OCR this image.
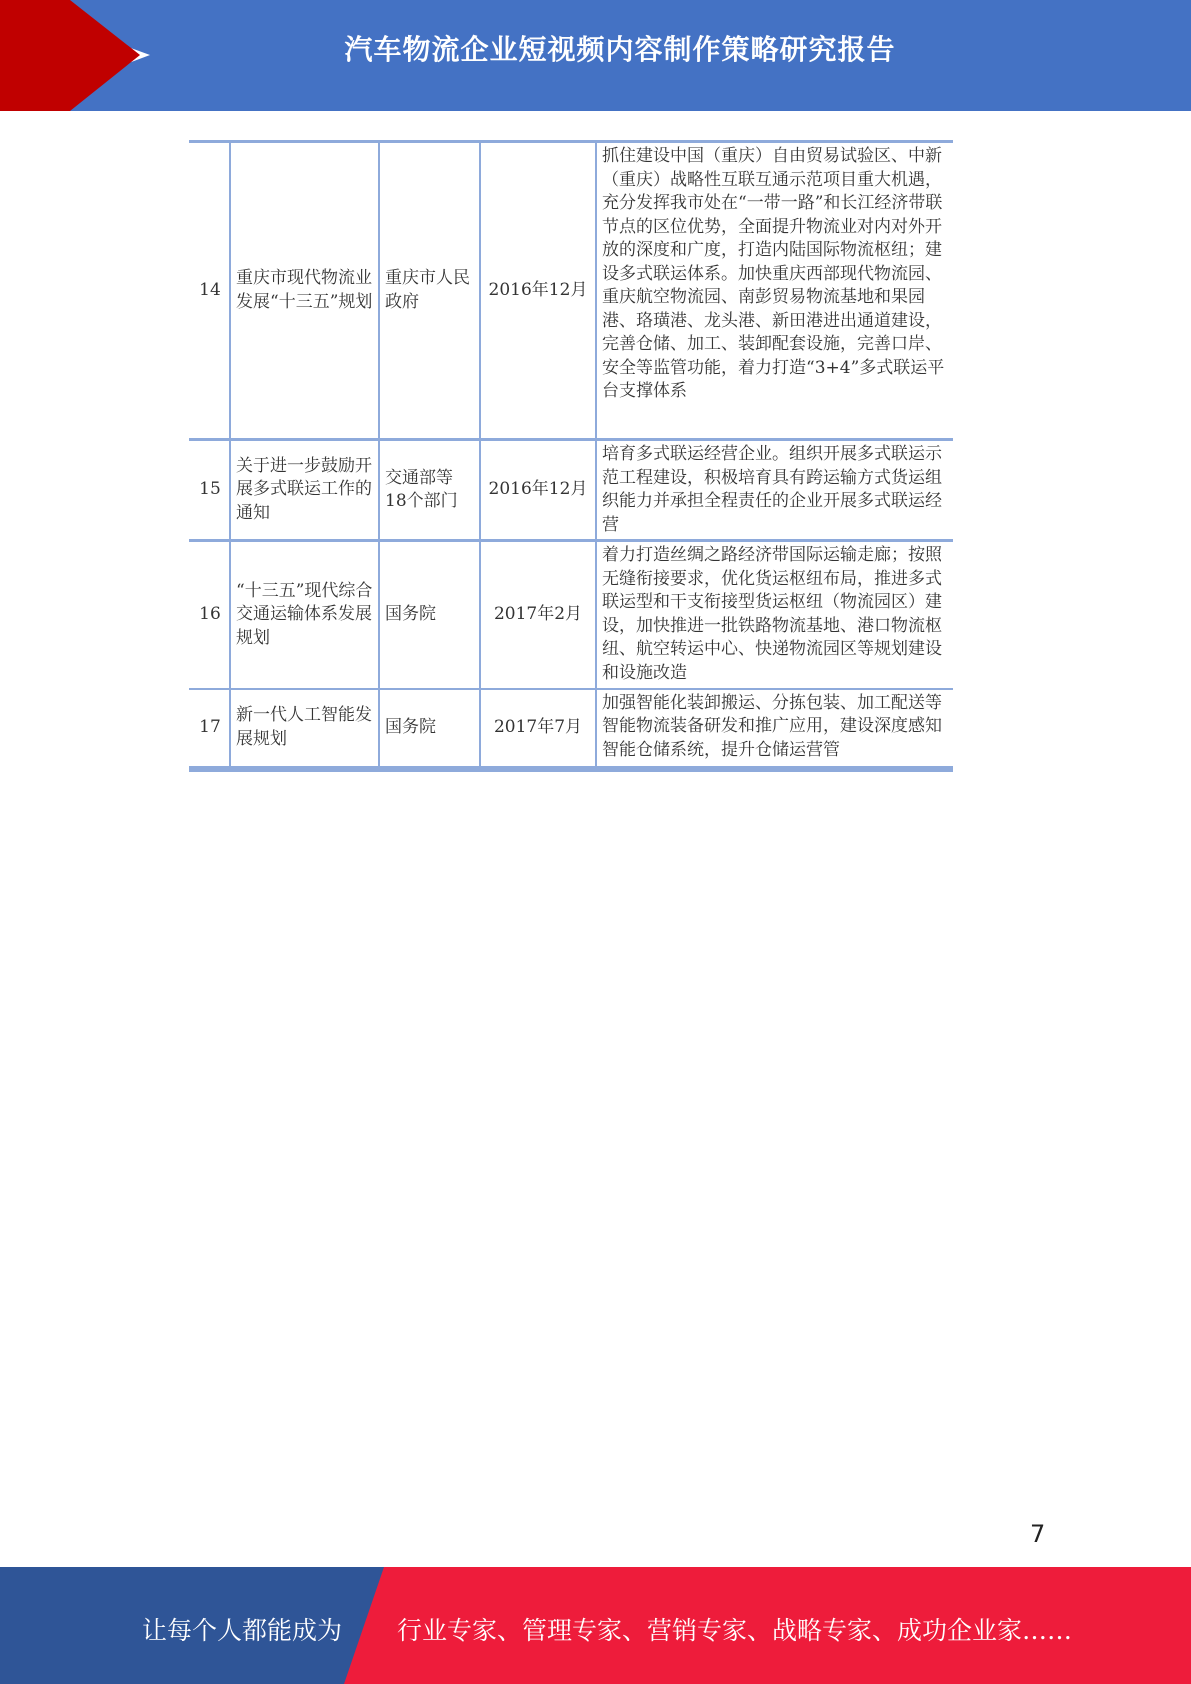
汽车物流企业短视频内容制作策略研究报告
14	重庆市现代物流业发展“十三五”规划	重庆市人民政府	2016年12月	抓住建设中国（重庆）自由贸易试验区、中新（重庆）战略性互联互通示范项目重大机遇，充分发挥我市处在“一带一路”和长江经济带联节点的区位优势，全面提升物流业对内对外开放的深度和广度，打造内陆国际物流枢纽；建设多式联运体系。加快重庆西部现代物流园、重庆航空物流园、南彭贸易物流基地和果园港、珞璜港、龙头港、新田港进出通道建设，完善仓储、加工、装卸配套设施，完善口岸、安全等监管功能，着力打造“3+4”多式联运平台支撑体系
15	关于进一步鼓励开展多式联运工作的通知	交通部等18个部门	2016年12月	培育多式联运经营企业。组织开展多式联运示范工程建设，积极培育具有跨运输方式货运组织能力并承担全程责任的企业开展多式联运经营
16	“十三五”现代综合交通运输体系发展规划	国务院	2017年2月	着力打造丝绸之路经济带国际运输走廊；按照无缝衔接要求，优化货运枢纽布局，推进多式联运型和干支衔接型货运枢纽（物流园区）建设，加快推进一批铁路物流基地、港口物流枢纽、航空转运中心、快递物流园区等规划建设和设施改造
17	新一代人工智能发展规划	国务院	2017年7月	加强智能化装卸搬运、分拣包装、加工配送等智能物流装备研发和推广应用，建设深度感知智能仓储系统，提升仓储运营管
7
让每个人都能成为 行业专家、管理专家、营销专家、战略专家、成功企业家……
